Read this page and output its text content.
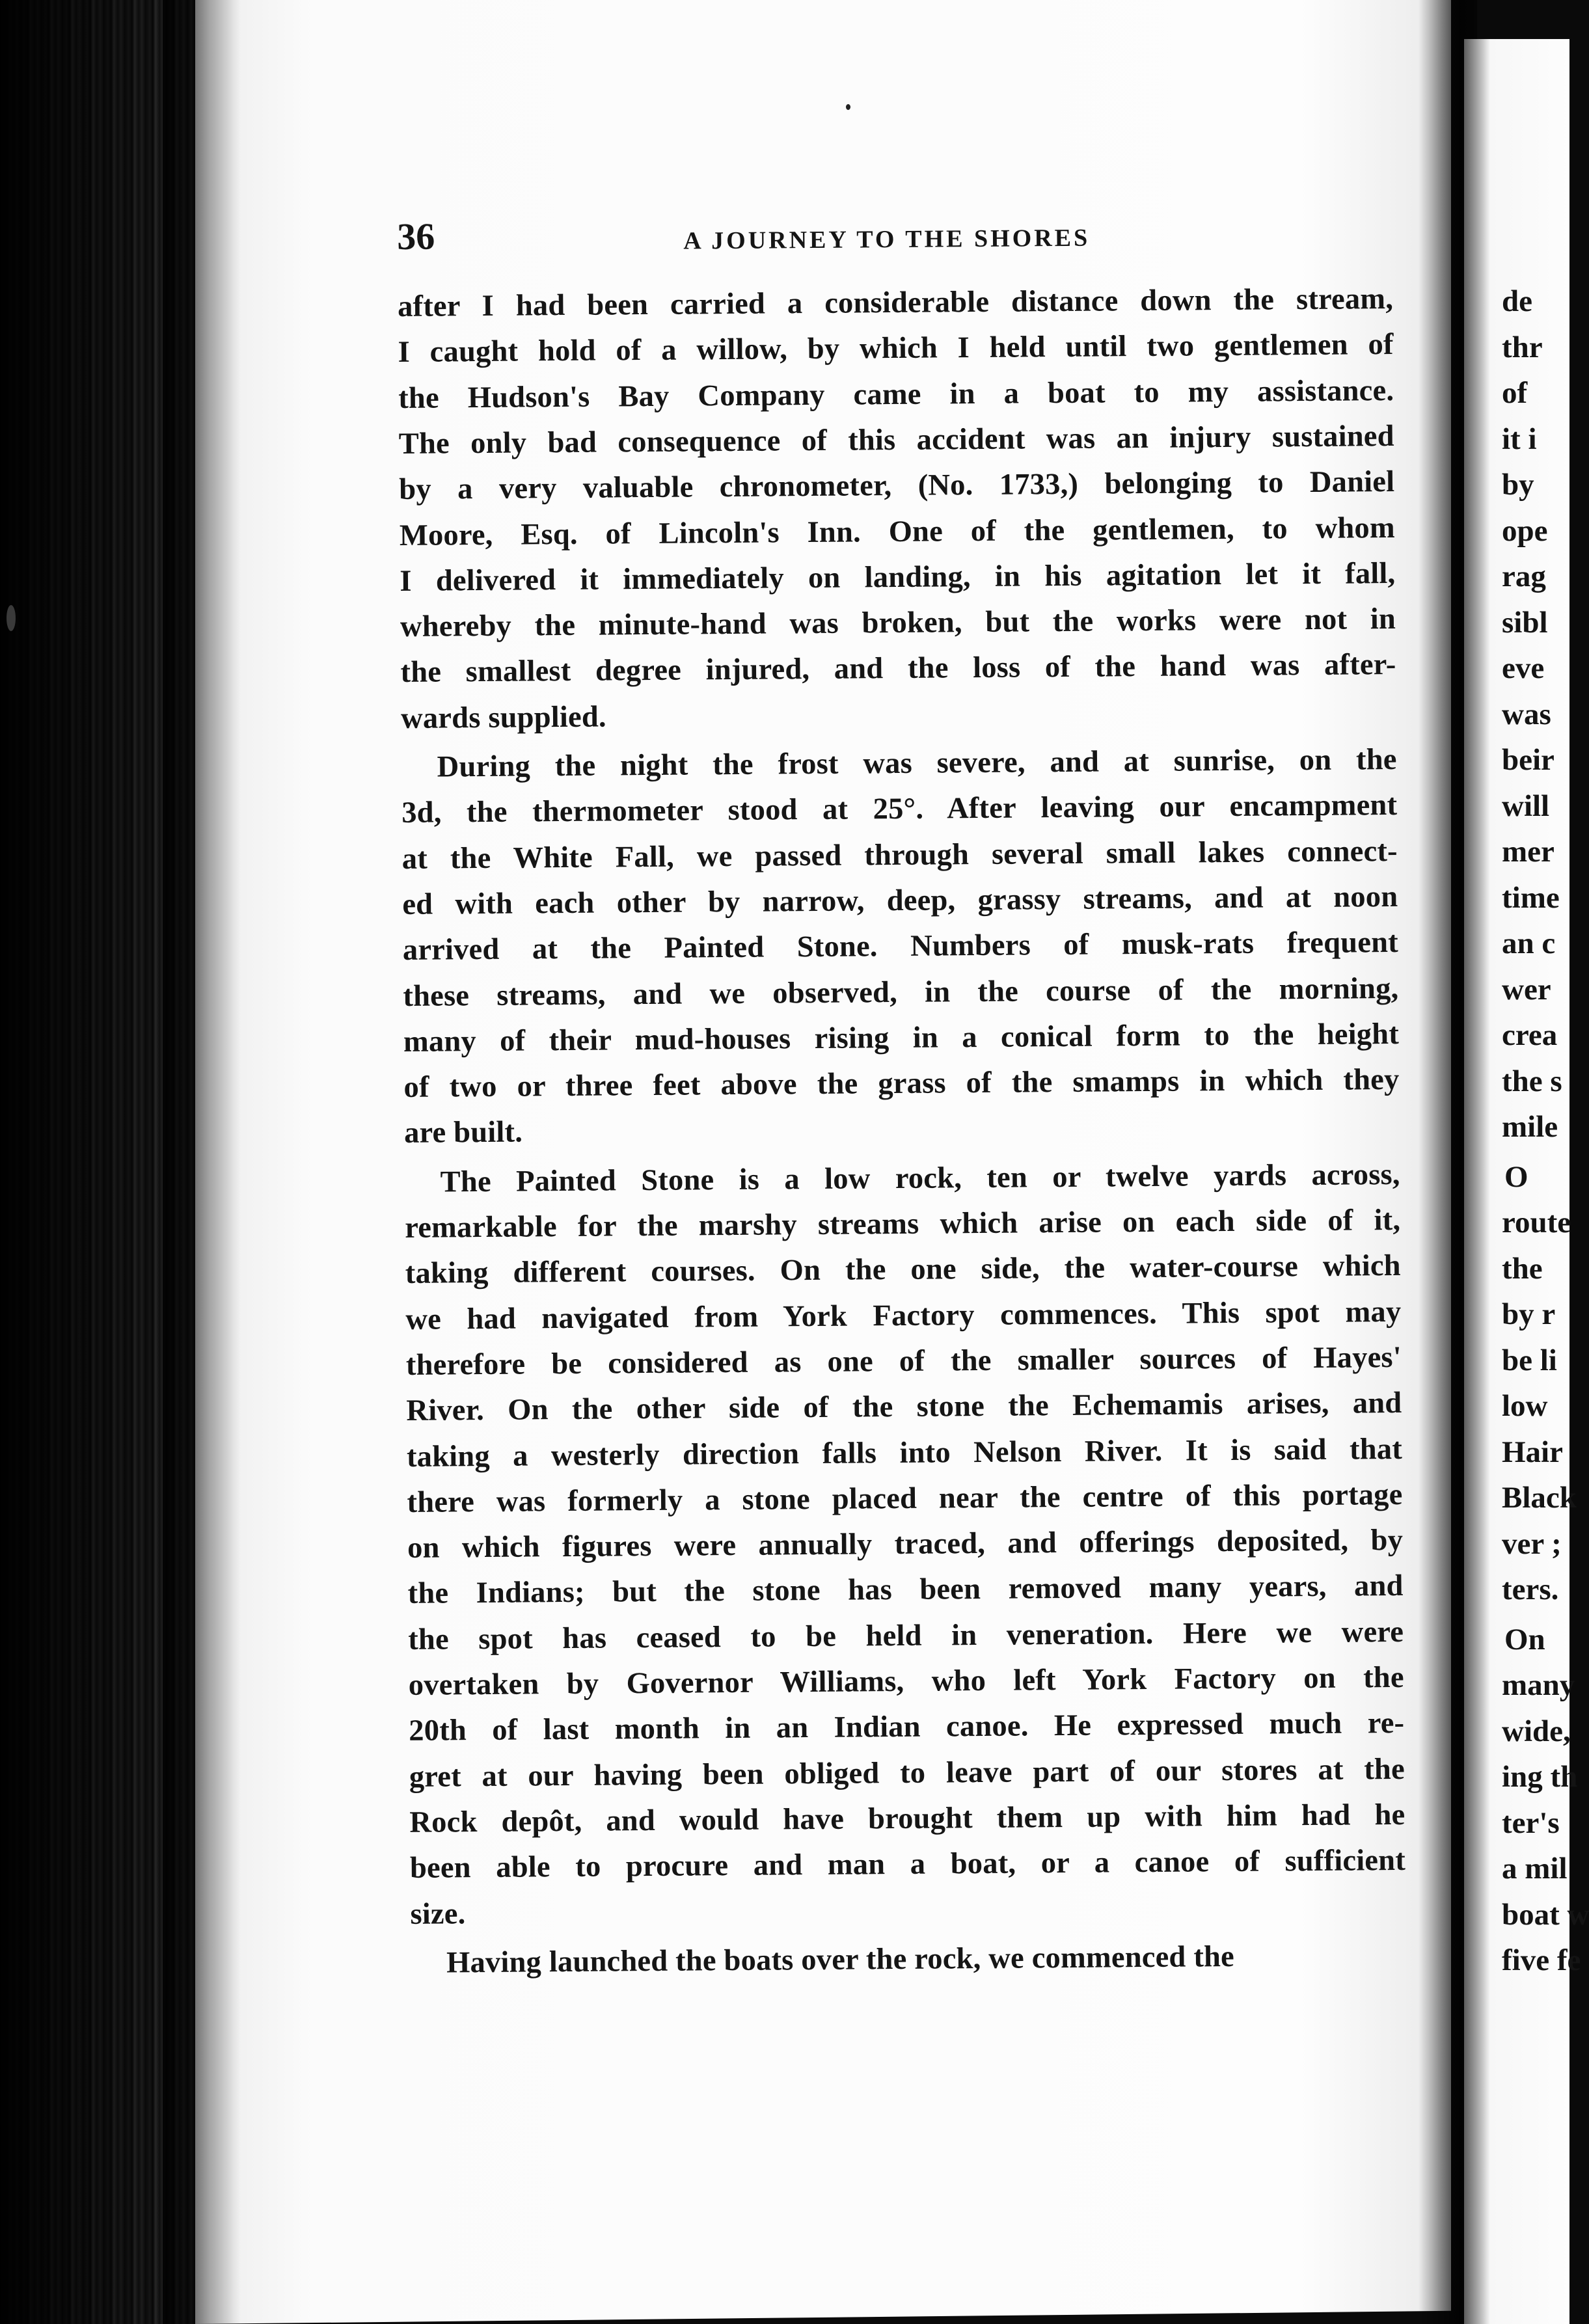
36	A JOURNEY TO THE SHORES
after I had been carried a considerable distance down the stream,
I caught hold of a willow, by which I held until two gentlemen of
the Hudson's Bay Company came in a boat to my assistance.
The only bad consequence of this accident was an injury sustained
by a very valuable chronometer, (No. 1733,) belonging to Daniel
Moore, Esq. of Lincoln's Inn. One of the gentlemen, to whom
I delivered it immediately on landing, in his agitation let it fall,
whereby the minute-hand was broken, but the works were not in
the smallest degree injured, and the loss of the hand was after-
wards supplied.
During the night the frost was severe, and at sunrise, on the
3d, the thermometer stood at 25°. After leaving our encampment
at the White Fall, we passed through several small lakes connect-
ed with each other by narrow, deep, grassy streams, and at noon
arrived at the Painted Stone. Numbers of musk-rats frequent
these streams, and we observed, in the course of the morning,
many of their mud-houses rising in a conical form to the height
of two or three feet above the grass of the smamps in which they
are built.
The Painted Stone is a low rock, ten or twelve yards across,
remarkable for the marshy streams which arise on each side of it,
taking different courses. On the one side, the water-course which
we had navigated from York Factory commences. This spot may
therefore be considered as one of the smaller sources of Hayes'
River. On the other side of the stone the Echemamis arises, and
taking a westerly direction falls into Nelson River. It is said that
there was formerly a stone placed near the centre of this portage
on which figures were annually traced, and offerings deposited, by
the Indians; but the stone has been removed many years, and
the spot has ceased to be held in veneration. Here we were
overtaken by Governor Williams, who left York Factory on the
20th of last month in an Indian canoe. He expressed much re-
gret at our having been obliged to leave part of our stores at the
Rock depôt, and would have brought them up with him had he
been able to procure and man a boat, or a canoe of sufficient
size.
Having launched the boats over the rock, we commenced the
de
thr
of
it i
by
ope
rag
sibl
eve
was
beir
will
mer
time
an c
wer
crea
the s
mile
O
route
the
by r
be li
low
Hair
Black
ver ;
ters.
On
many
wide,
ing th
ter's
a mil
boat w
five fe
